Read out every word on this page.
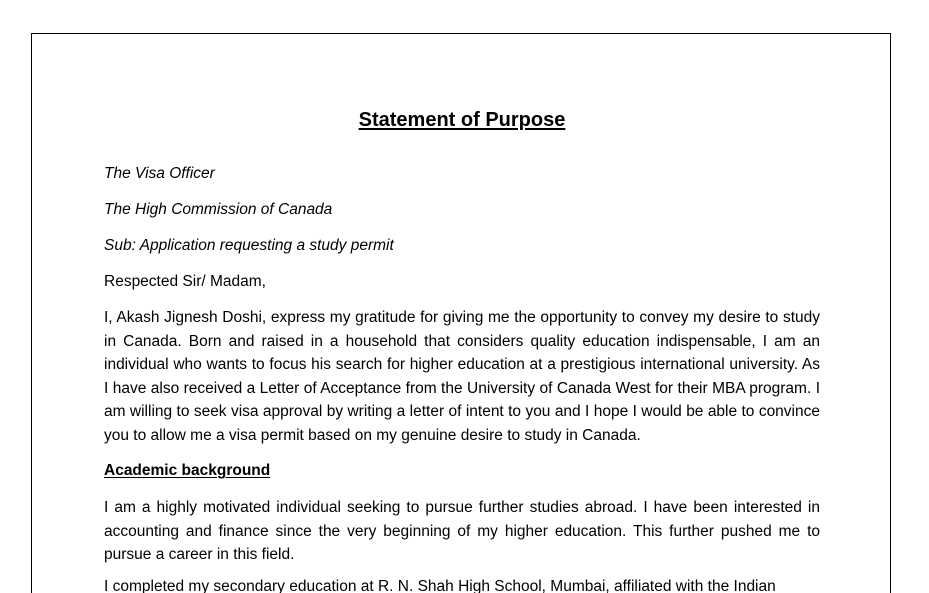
Statement of Purpose
The Visa Officer
The High Commission of Canada
Sub: Application requesting a study permit
Respected Sir/ Madam,
I, Akash Jignesh Doshi, express my gratitude for giving me the opportunity to convey my desire to study in Canada. Born and raised in a household that considers quality education indispensable, I am an individual who wants to focus his search for higher education at a prestigious international university. As I have also received a Letter of Acceptance from the University of Canada West for their MBA program. I am willing to seek visa approval by writing a letter of intent to you and I hope I would be able to convince you to allow me a visa permit based on my genuine desire to study in Canada.
Academic background
I am a highly motivated individual seeking to pursue further studies abroad. I have been interested in accounting and finance since the very beginning of my higher education. This further pushed me to pursue a career in this field.
I completed my secondary education at R. N. Shah High School, Mumbai, affiliated with the Indian
